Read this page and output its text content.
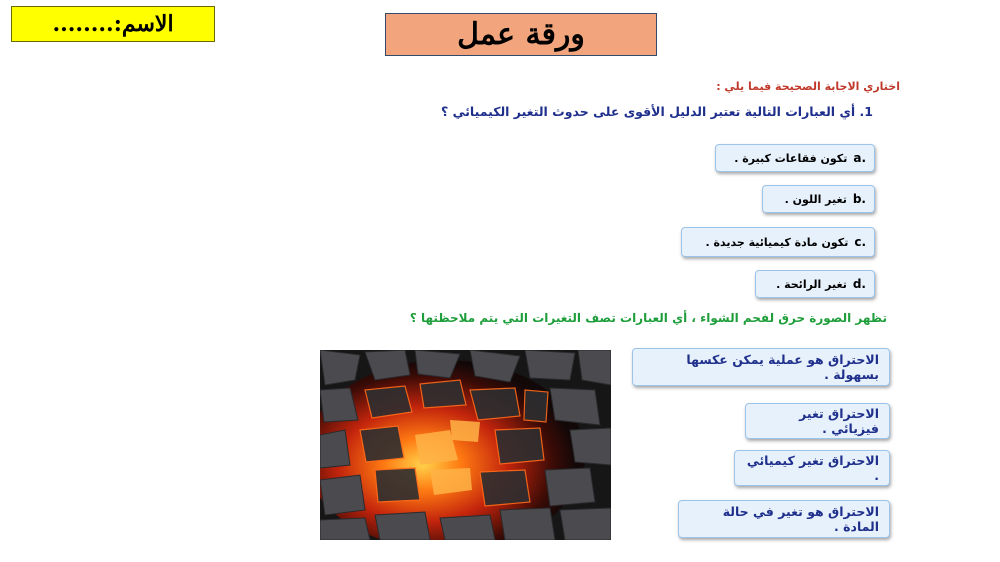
الاسم:........	ورقة عمل
اختاري الاجابة الصحيحة فيما يلي :
1. أي العبارات التالية تعتبر الدليل الأقوى على حدوث التغير الكيميائي ؟
تكون فقاعات كبيرة . a.
تغير اللون . b.
تكون مادة كيميائية جديدة . c.
تغير الرائحة . d.
تظهر الصورة حرق لفحم الشواء ، أي العبارات تصف التغيرات التي يتم ملاحظتها ؟
الاحتراق هو عملية يمكن عكسها بسهولة .
الاحتراق تغير فيزيائي .
الاحتراق تغير كيميائي .
الاحتراق هو تغير في حالة المادة .
